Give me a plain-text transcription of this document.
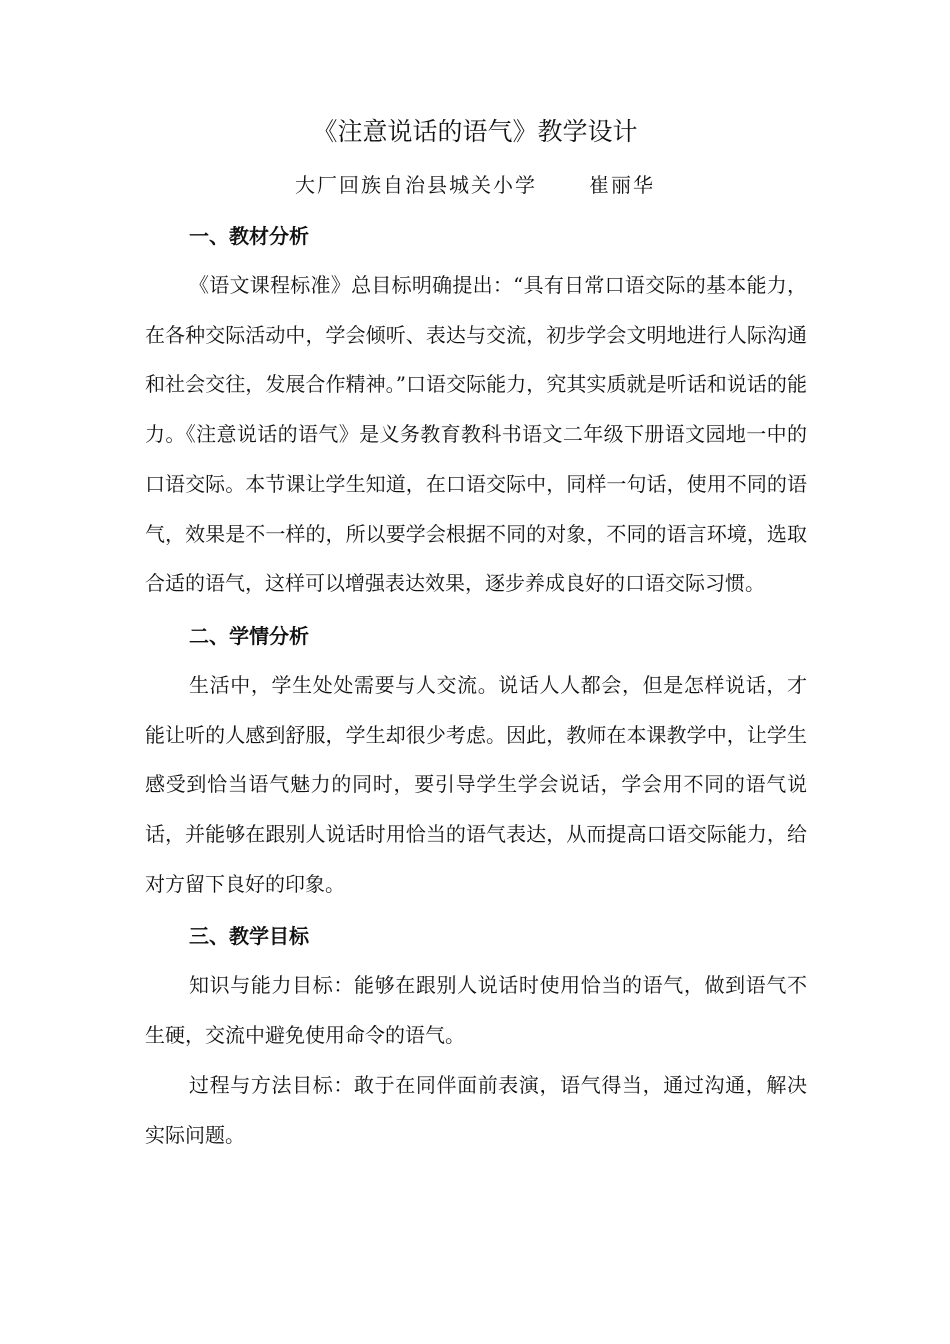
《注意说话的语气》教学设计
大厂回族自治县城关小学	崔丽华
一、教材分析

《语文课程标准》总目标明确提出：“具有日常口语交际的基本能力，在各种交际活动中，学会倾听、表达与交流，初步学会文明地进行人际沟通和社会交往，发展合作精神。”口语交际能力，究其实质就是听话和说话的能力。《注意说话的语气》是义务教育教科书语文二年级下册语文园地一中的口语交际。本节课让学生知道，在口语交际中，同样一句话，使用不同的语气，效果是不一样的，所以要学会根据不同的对象，不同的语言环境，选取合适的语气，这样可以增强表达效果，逐步养成良好的口语交际习惯。

二、学情分析

生活中，学生处处需要与人交流。说话人人都会，但是怎样说话，才能让听的人感到舒服，学生却很少考虑。因此，教师在本课教学中，让学生感受到恰当语气魅力的同时，要引导学生学会说话，学会用不同的语气说话，并能够在跟别人说话时用恰当的语气表达，从而提高口语交际能力，给对方留下良好的印象。

三、教学目标

知识与能力目标：能够在跟别人说话时使用恰当的语气，做到语气不生硬，交流中避免使用命令的语气。

过程与方法目标：敢于在同伴面前表演，语气得当，通过沟通，解决实际问题。
